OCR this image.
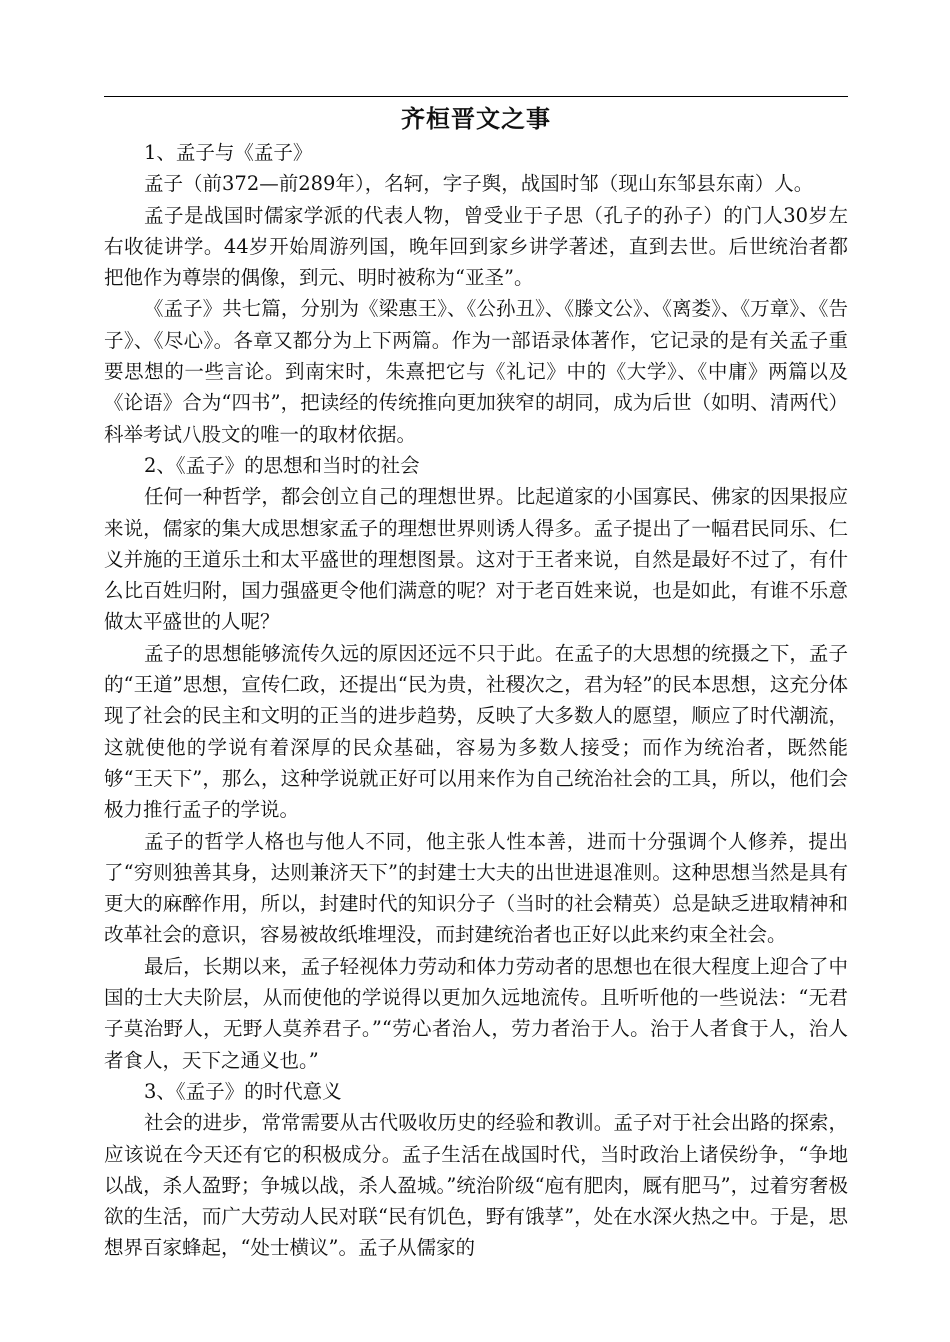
齐桓晋文之事

1、孟子与《孟子》

孟子（前372—前289年），名轲，字子舆，战国时邹（现山东邹县东南）人。

孟子是战国时儒家学派的代表人物，曾受业于子思（孔子的孙子）的门人30岁左右收徒讲学。44岁开始周游列国，晚年回到家乡讲学著述，直到去世。后世统治者都把他作为尊崇的偶像，到元、明时被称为“亚圣”。

《孟子》共七篇，分别为《梁惠王》、《公孙丑》、《滕文公》、《离娄》、《万章》、《告子》、《尽心》。各章又都分为上下两篇。作为一部语录体著作，它记录的是有关孟子重要思想的一些言论。到南宋时，朱熹把它与《礼记》中的《大学》、《中庸》两篇以及《论语》合为“四书”，把读经的传统推向更加狭窄的胡同，成为后世（如明、清两代）科举考试八股文的唯一的取材依据。

2、《孟子》的思想和当时的社会

任何一种哲学，都会创立自己的理想世界。比起道家的小国寡民、佛家的因果报应来说，儒家的集大成思想家孟子的理想世界则诱人得多。孟子提出了一幅君民同乐、仁义并施的王道乐土和太平盛世的理想图景。这对于王者来说，自然是最好不过了，有什么比百姓归附，国力强盛更令他们满意的呢？对于老百姓来说，也是如此，有谁不乐意做太平盛世的人呢？

孟子的思想能够流传久远的原因还远不只于此。在孟子的大思想的统摄之下，孟子的“王道”思想，宣传仁政，还提出“民为贵，社稷次之，君为轻”的民本思想，这充分体现了社会的民主和文明的正当的进步趋势，反映了大多数人的愿望，顺应了时代潮流，这就使他的学说有着深厚的民众基础，容易为多数人接受；而作为统治者，既然能够“王天下”，那么，这种学说就正好可以用来作为自己统治社会的工具，所以，他们会极力推行孟子的学说。

孟子的哲学人格也与他人不同，他主张人性本善，进而十分强调个人修养，提出了“穷则独善其身，达则兼济天下”的封建士大夫的出世进退准则。这种思想当然是具有更大的麻醉作用，所以，封建时代的知识分子（当时的社会精英）总是缺乏进取精神和改革社会的意识，容易被故纸堆埋没，而封建统治者也正好以此来约束全社会。

最后，长期以来，孟子轻视体力劳动和体力劳动者的思想也在很大程度上迎合了中国的士大夫阶层，从而使他的学说得以更加久远地流传。且听听他的一些说法：“无君子莫治野人，无野人莫养君子。”“劳心者治人，劳力者治于人。治于人者食于人，治人者食人，天下之通义也。”

3、《孟子》的时代意义

社会的进步，常常需要从古代吸收历史的经验和教训。孟子对于社会出路的探索，应该说在今天还有它的积极成分。孟子生活在战国时代，当时政治上诸侯纷争，“争地以战，杀人盈野；争城以战，杀人盈城。”统治阶级“庖有肥肉，厩有肥马”，过着穷奢极欲的生活，而广大劳动人民对联“民有饥色，野有饿莩”，处在水深火热之中。于是，思想界百家蜂起，“处士横议”。孟子从儒家的
